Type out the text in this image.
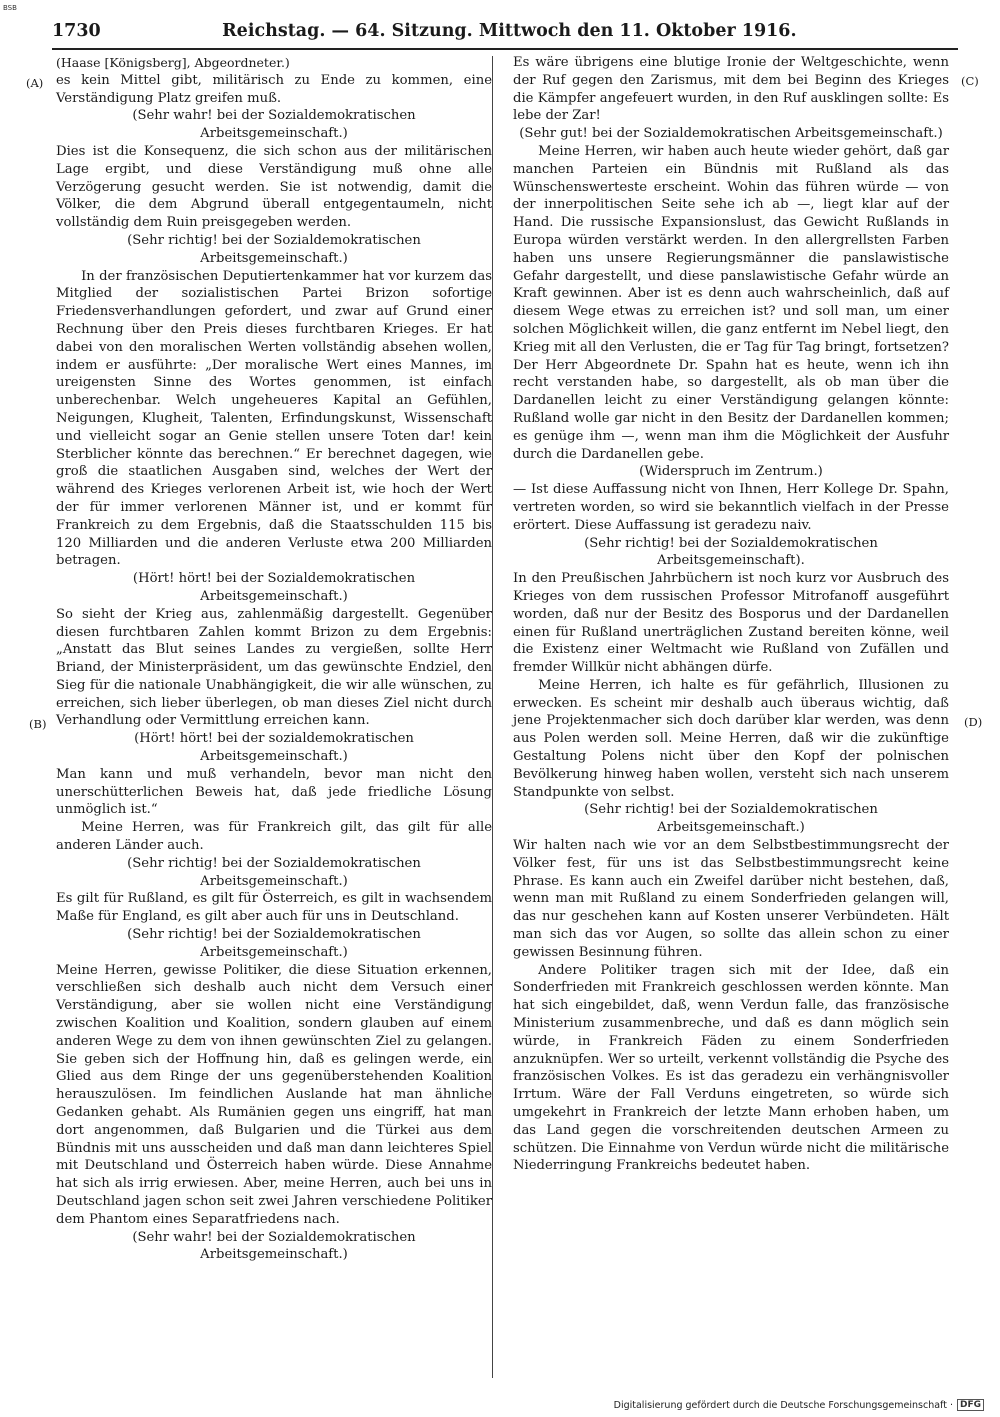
BSB
1730	Reichstag. — 64. Sitzung. Mittwoch den 11. Oktober 1916.
(A)
(B)
(C)
(D)

(Haase [Königsberg], Abgeordneter.)

es kein Mittel gibt, militärisch zu Ende zu kommen, eine Verständigung Platz greifen muß.

(Sehr wahr! bei der Sozialdemokratischen Arbeitsgemeinschaft.)

Dies ist die Konsequenz, die sich schon aus der militärischen Lage ergibt, und diese Verständigung muß ohne alle Verzögerung gesucht werden. Sie ist notwendig, damit die Völker, die dem Abgrund überall entgegentaumeln, nicht vollständig dem Ruin preisgegeben werden.

(Sehr richtig! bei der Sozialdemokratischen Arbeitsgemeinschaft.)

In der französischen Deputiertenkammer hat vor kurzem das Mitglied der sozialistischen Partei Brizon sofortige Friedensverhandlungen gefordert, und zwar auf Grund einer Rechnung über den Preis dieses furchtbaren Krieges. Er hat dabei von den moralischen Werten vollständig absehen wollen, indem er ausführte: „Der moralische Wert eines Mannes, im ureigensten Sinne des Wortes genommen, ist einfach unberechenbar. Welch ungeheueres Kapital an Gefühlen, Neigungen, Klugheit, Talenten, Erfindungskunst, Wissenschaft und vielleicht sogar an Genie stellen unsere Toten dar! kein Sterblicher könnte das berechnen.“ Er berechnet dagegen, wie groß die staatlichen Ausgaben sind, welches der Wert der während des Krieges verlorenen Arbeit ist, wie hoch der Wert der für immer verlorenen Männer ist, und er kommt für Frankreich zu dem Ergebnis, daß die Staatsschulden 115 bis 120 Milliarden und die anderen Verluste etwa 200 Milliarden betragen.

(Hört! hört! bei der Sozialdemokratischen Arbeitsgemeinschaft.)

So sieht der Krieg aus, zahlenmäßig dargestellt. Gegenüber diesen furchtbaren Zahlen kommt Brizon zu dem Ergebnis: „Anstatt das Blut seines Landes zu vergießen, sollte Herr Briand, der Ministerpräsident, um das gewünschte Endziel, den Sieg für die nationale Unabhängigkeit, die wir alle wünschen, zu erreichen, sich lieber überlegen, ob man dieses Ziel nicht durch Verhandlung oder Vermittlung erreichen kann.

(Hört! hört! bei der sozialdemokratischen Arbeitsgemeinschaft.)

Man kann und muß verhandeln, bevor man nicht den unerschütterlichen Beweis hat, daß jede friedliche Lösung unmöglich ist.“

Meine Herren, was für Frankreich gilt, das gilt für alle anderen Länder auch.

(Sehr richtig! bei der Sozialdemokratischen Arbeitsgemeinschaft.)

Es gilt für Rußland, es gilt für Österreich, es gilt in wachsendem Maße für England, es gilt aber auch für uns in Deutschland.

(Sehr richtig! bei der Sozialdemokratischen Arbeitsgemeinschaft.)

Meine Herren, gewisse Politiker, die diese Situation erkennen, verschließen sich deshalb auch nicht dem Versuch einer Verständigung, aber sie wollen nicht eine Verständigung zwischen Koalition und Koalition, sondern glauben auf einem anderen Wege zu dem von ihnen gewünschten Ziel zu gelangen. Sie geben sich der Hoffnung hin, daß es gelingen werde, ein Glied aus dem Ringe der uns gegenüberstehenden Koalition herauszulösen. Im feindlichen Auslande hat man ähnliche Gedanken gehabt. Als Rumänien gegen uns eingriff, hat man dort angenommen, daß Bulgarien und die Türkei aus dem Bündnis mit uns ausscheiden und daß man dann leichteres Spiel mit Deutschland und Österreich haben würde. Diese Annahme hat sich als irrig erwiesen. Aber, meine Herren, auch bei uns in Deutschland jagen schon seit zwei Jahren verschiedene Politiker dem Phantom eines Separatfriedens nach.

(Sehr wahr! bei der Sozialdemokratischen Arbeitsgemeinschaft.)

Es wäre übrigens eine blutige Ironie der Weltgeschichte, wenn der Ruf gegen den Zarismus, mit dem bei Beginn des Krieges die Kämpfer angefeuert wurden, in den Ruf ausklingen sollte: Es lebe der Zar!

(Sehr gut! bei der Sozialdemokratischen Arbeitsgemeinschaft.)

Meine Herren, wir haben auch heute wieder gehört, daß gar manchen Parteien ein Bündnis mit Rußland als das Wünschenswerteste erscheint. Wohin das führen würde — von der innerpolitischen Seite sehe ich ab —, liegt klar auf der Hand. Die russische Expansionslust, das Gewicht Rußlands in Europa würden verstärkt werden. In den allergrellsten Farben haben uns unsere Regierungsmänner die panslawistische Gefahr dargestellt, und diese panslawistische Gefahr würde an Kraft gewinnen. Aber ist es denn auch wahrscheinlich, daß auf diesem Wege etwas zu erreichen ist? und soll man, um einer solchen Möglichkeit willen, die ganz entfernt im Nebel liegt, den Krieg mit all den Verlusten, die er Tag für Tag bringt, fortsetzen? Der Herr Abgeordnete Dr. Spahn hat es heute, wenn ich ihn recht verstanden habe, so dargestellt, als ob man über die Dardanellen leicht zu einer Verständigung gelangen könnte: Rußland wolle gar nicht in den Besitz der Dardanellen kommen; es genüge ihm —, wenn man ihm die Möglichkeit der Ausfuhr durch die Dardanellen gebe.

(Widerspruch im Zentrum.)

— Ist diese Auffassung nicht von Ihnen, Herr Kollege Dr. Spahn, vertreten worden, so wird sie bekanntlich vielfach in der Presse erörtert. Diese Auffassung ist geradezu naiv.

(Sehr richtig! bei der Sozialdemokratischen Arbeitsgemeinschaft).

In den Preußischen Jahrbüchern ist noch kurz vor Ausbruch des Krieges von dem russischen Professor Mitrofanoff ausgeführt worden, daß nur der Besitz des Bosporus und der Dardanellen einen für Rußland unerträglichen Zustand bereiten könne, weil die Existenz einer Weltmacht wie Rußland von Zufällen und fremder Willkür nicht abhängen dürfe.

Meine Herren, ich halte es für gefährlich, Illusionen zu erwecken. Es scheint mir deshalb auch überaus wichtig, daß jene Projektenmacher sich doch darüber klar werden, was denn aus Polen werden soll. Meine Herren, daß wir die zukünftige Gestaltung Polens nicht über den Kopf der polnischen Bevölkerung hinweg haben wollen, versteht sich nach unserem Standpunkte von selbst.

(Sehr richtig! bei der Sozialdemokratischen Arbeitsgemeinschaft.)

Wir halten nach wie vor an dem Selbstbestimmungsrecht der Völker fest, für uns ist das Selbstbestimmungsrecht keine Phrase. Es kann auch ein Zweifel darüber nicht bestehen, daß, wenn man mit Rußland zu einem Sonderfrieden gelangen will, das nur geschehen kann auf Kosten unserer Verbündeten. Hält man sich das vor Augen, so sollte das allein schon zu einer gewissen Besinnung führen.

Andere Politiker tragen sich mit der Idee, daß ein Sonderfrieden mit Frankreich geschlossen werden könnte. Man hat sich eingebildet, daß, wenn Verdun falle, das französische Ministerium zusammenbreche, und daß es dann möglich sein würde, in Frankreich Fäden zu einem Sonderfrieden anzuknüpfen. Wer so urteilt, verkennt vollständig die Psyche des französischen Volkes. Es ist das geradezu ein verhängnisvoller Irrtum. Wäre der Fall Verduns eingetreten, so würde sich umgekehrt in Frankreich der letzte Mann erhoben haben, um das Land gegen die vorschreitenden deutschen Armeen zu schützen. Die Einnahme von Verdun würde nicht die militärische Niederringung Frankreichs bedeutet haben.

Digitalisierung gefördert durch die Deutsche Forschungsgemeinschaft · DFG
